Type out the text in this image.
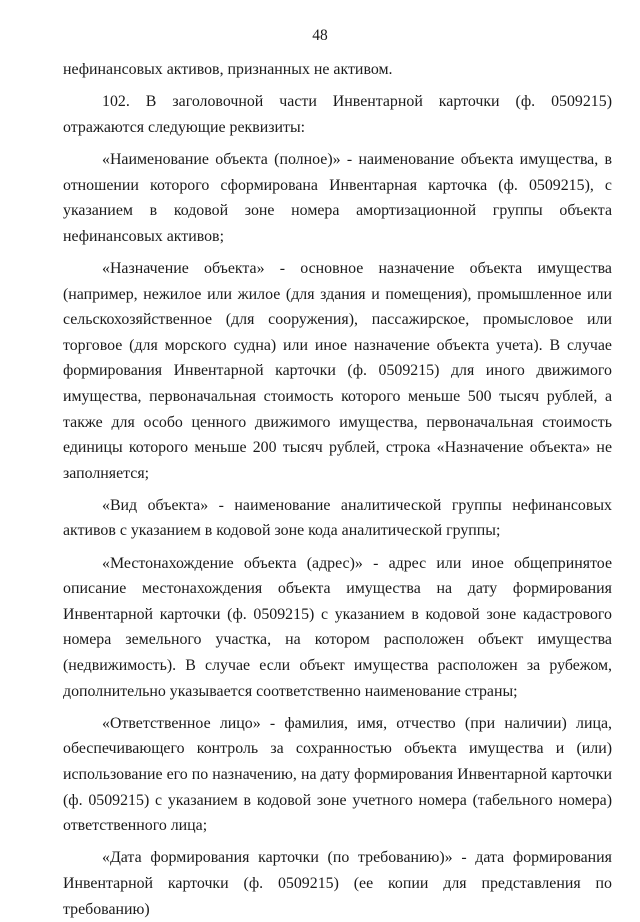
48

нефинансовых активов, признанных не активом.

102. В заголовочной части Инвентарной карточки (ф. 0509215) отражаются следующие реквизиты:

«Наименование объекта (полное)» - наименование объекта имущества, в отношении которого сформирована Инвентарная карточка (ф. 0509215), с указанием в кодовой зоне номера амортизационной группы объекта нефинансовых активов;

«Назначение объекта» - основное назначение объекта имущества (например, нежилое или жилое (для здания и помещения), промышленное или сельскохозяйственное (для сооружения), пассажирское, промысловое или торговое (для морского судна) или иное назначение объекта учета). В случае формирования Инвентарной карточки (ф. 0509215) для иного движимого имущества, первоначальная стоимость которого меньше 500 тысяч рублей, а также для особо ценного движимого имущества, первоначальная стоимость единицы которого меньше 200 тысяч рублей, строка «Назначение объекта» не заполняется;

«Вид объекта» - наименование аналитической группы нефинансовых активов с указанием в кодовой зоне кода аналитической группы;

«Местонахождение объекта (адрес)» - адрес или иное общепринятое описание местонахождения объекта имущества на дату формирования Инвентарной карточки (ф. 0509215) с указанием в кодовой зоне кадастрового номера земельного участка, на котором расположен объект имущества (недвижимость). В случае если объект имущества расположен за рубежом, дополнительно указывается соответственно наименование страны;

«Ответственное лицо» - фамилия, имя, отчество (при наличии) лица, обеспечивающего контроль за сохранностью объекта имущества и (или) использование его по назначению, на дату формирования Инвентарной карточки (ф. 0509215) с указанием в кодовой зоне учетного номера (табельного номера) ответственного лица;

«Дата формирования карточки (по требованию)» - дата формирования Инвентарной карточки (ф. 0509215) (ее копии для представления по требованию)
